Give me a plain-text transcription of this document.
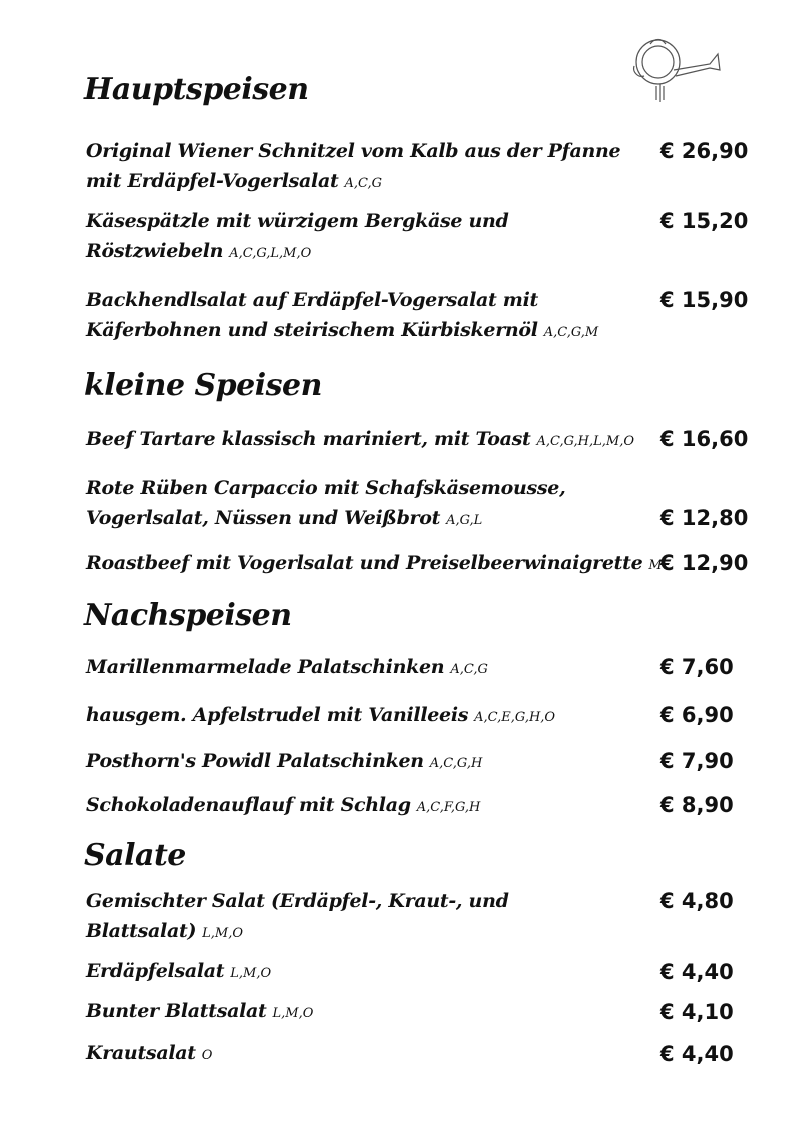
Hauptspeisen
Original Wiener Schnitzel vom Kalb aus der Pfanne
mit Erdäpfel-Vogerlsalat A,C,G
€ 26,90
Käsespätzle mit würzigem Bergkäse und
Röstzwiebeln A,C,G,L,M,O
€ 15,20
Backhendlsalat auf Erdäpfel-Vogersalat mit
Käferbohnen und steirischem Kürbiskernöl A,C,G,M
€ 15,90
kleine Speisen
Beef Tartare klassisch mariniert, mit Toast A,C,G,H,L,M,O	€ 16,60
Rote Rüben Carpaccio mit Schafskäsemousse,
Vogerlsalat, Nüssen und Weißbrot A,G,L	€ 12,80
Roastbeef mit Vogerlsalat und Preiselbeerwinaigrette M
€ 12,90
Nachspeisen
Marillenmarmelade Palatschinken A,C,G	€ 7,60
hausgem. Apfelstrudel mit Vanilleeis A,C,E,G,H,O	€ 6,90
Posthorn's Powidl Palatschinken A,C,G,H	€ 7,90
Schokoladenauflauf mit Schlag A,C,F,G,H	€ 8,90
Salate
Gemischter Salat (Erdäpfel-, Kraut-, und
Blattsalat) L,M,O
€ 4,80
Erdäpfelsalat L,M,O	€ 4,40
Bunter Blattsalat L,M,O	€ 4,10
Krautsalat O	€ 4,40
